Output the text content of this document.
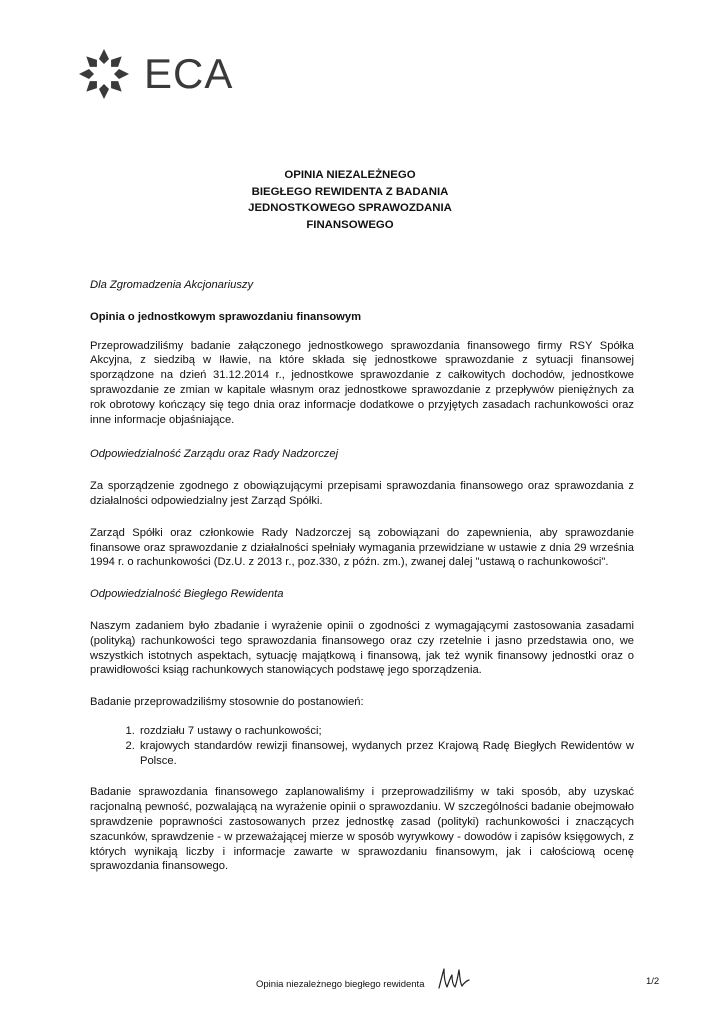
ECA
OPINIA NIEZALEŻNEGO
BIEGŁEGO REWIDENTA Z BADANIA
JEDNOSTKOWEGO SPRAWOZDANIA
FINANSOWEGO

Dla Zgromadzenia Akcjonariuszy

Opinia o jednostkowym sprawozdaniu finansowym

Przeprowadziliśmy badanie załączonego jednostkowego sprawozdania finansowego firmy RSY Spółka Akcyjna, z siedzibą w Iławie, na które składa się jednostkowe sprawozdanie z sytuacji finansowej sporządzone na dzień 31.12.2014 r., jednostkowe sprawozdanie z całkowitych dochodów, jednostkowe sprawozdanie ze zmian w kapitale własnym oraz jednostkowe sprawozdanie z przepływów pieniężnych za rok obrotowy kończący się tego dnia oraz informacje dodatkowe o przyjętych zasadach rachunkowości oraz inne informacje objaśniające.

Odpowiedzialność Zarządu oraz Rady Nadzorczej

Za sporządzenie zgodnego z obowiązującymi przepisami sprawozdania finansowego oraz sprawozdania z działalności odpowiedzialny jest Zarząd Spółki.

Zarząd Spółki oraz członkowie Rady Nadzorczej są zobowiązani do zapewnienia, aby sprawozdanie finansowe oraz sprawozdanie z działalności spełniały wymagania przewidziane w ustawie z dnia 29 września 1994 r. o rachunkowości (Dz.U. z 2013 r., poz.330, z późn. zm.), zwanej dalej "ustawą o rachunkowości".

Odpowiedzialność Biegłego Rewidenta

Naszym zadaniem było zbadanie i wyrażenie opinii o zgodności z wymagającymi zastosowania zasadami (polityką) rachunkowości tego sprawozdania finansowego oraz czy rzetelnie i jasno przedstawia ono, we wszystkich istotnych aspektach, sytuację majątkową i finansową, jak też wynik finansowy jednostki oraz o prawidłowości ksiąg rachunkowych stanowiących podstawę jego sporządzenia.

Badanie przeprowadziliśmy stosownie do postanowień:

1. rozdziału 7 ustawy o rachunkowości;
2. krajowych standardów rewizji finansowej, wydanych przez Krajową Radę Biegłych Rewidentów w Polsce.

Badanie sprawozdania finansowego zaplanowaliśmy i przeprowadziliśmy w taki sposób, aby uzyskać racjonalną pewność, pozwalającą na wyrażenie opinii o sprawozdaniu. W szczególności badanie obejmowało sprawdzenie poprawności zastosowanych przez jednostkę zasad (polityki) rachunkowości i znaczących szacunków, sprawdzenie - w przeważającej mierze w sposób wyrywkowy - dowodów i zapisów księgowych, z których wynikają liczby i informacje zawarte w sprawozdaniu finansowym, jak i całościową ocenę sprawozdania finansowego.

Opinia niezależnego biegłego rewidenta	1/2
